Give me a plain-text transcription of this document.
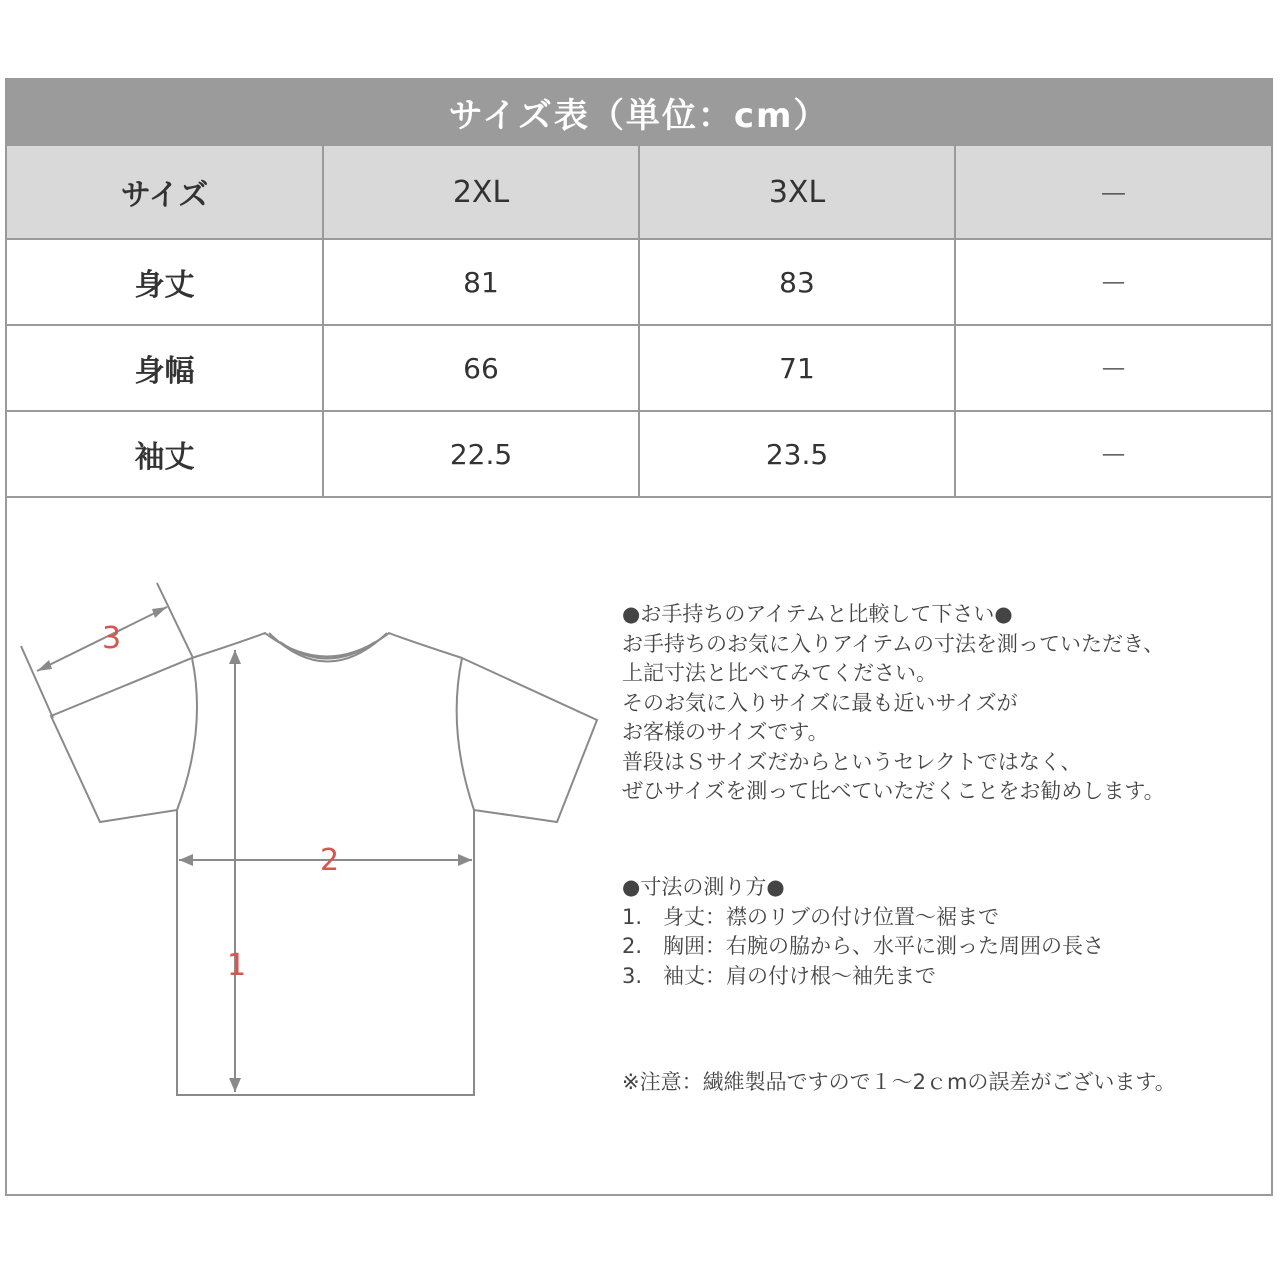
サイズ表（単位：cm）
サイズ	2XL	3XL	－
身丈	81	83	－
身幅	66	71	－
袖丈	22.5	23.5	－
3
2
1
●お手持ちのアイテムと比較して下さい●
お手持ちのお気に入りアイテムの寸法を測っていただき、
上記寸法と比べてみてください。
そのお気に入りサイズに最も近いサイズが
お客様のサイズです。
普段はＳサイズだからというセレクトではなく、
ぜひサイズを測って比べていただくことをお勧めします。
●寸法の測り方●
1.　身丈：襟のリブの付け位置～裾まで
2.　胸囲：右腕の脇から、水平に測った周囲の長さ
3.　袖丈：肩の付け根～袖先まで
※注意：繊維製品ですので１～2ｃmの誤差がございます。
